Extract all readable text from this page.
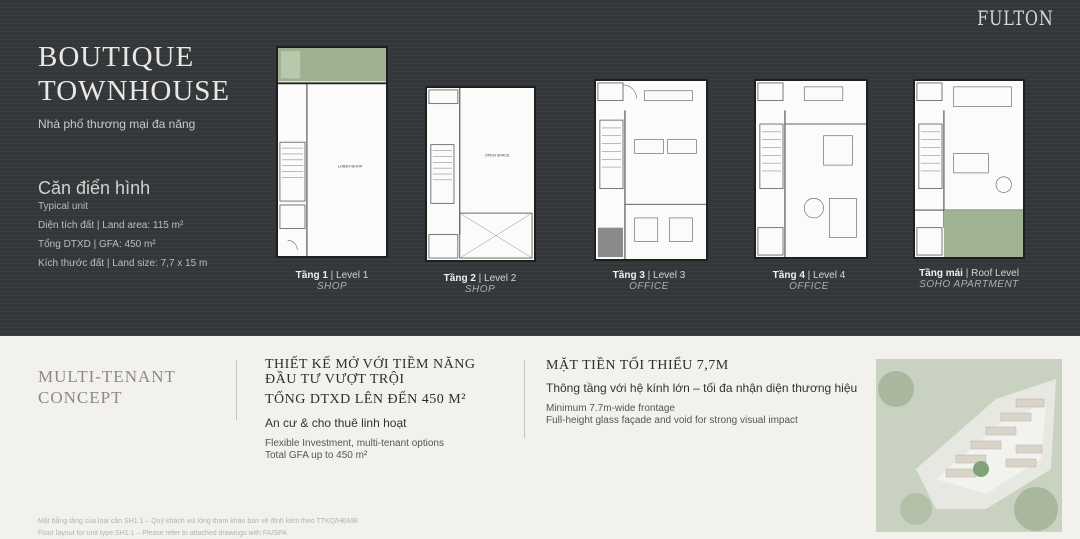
FULTON
BOUTIQUE
TOWNHOUSE
Nhà phố thương mại đa năng
Căn điển hình
Typical unit
Diện tích đất | Land area: 115 m²
Tổng DTXD | GFA: 450 m²
Kích thước đất | Land size: 7,7 x 15 m
LOBBY/SHOP
Tầng 1 | Level 1
SHOP
OPEN SPACE
Tầng 2 | Level 2
SHOP
Tầng 3 | Level 3
OFFICE
Tầng 4 | Level 4
OFFICE
Tầng mái | Roof Level
SOHO APARTMENT
MULTI-TENANT
CONCEPT
THIẾT KẾ MỞ VỚI TIỀM NĂNG
ĐẦU TƯ VƯỢT TRỘI
TỔNG DTXD LÊN ĐẾN 450 M²
An cư & cho thuê linh hoạt
Flexible Investment, multi-tenant options
Total GFA up to 450 m²
MẶT TIỀN TỐI THIỂU 7,7M
Thông tầng với hệ kính lớn – tối đa nhận diện thương hiệu
Minimum 7.7m-wide frontage
Full-height glass façade and void for strong visual impact
Mặt bằng tầng của loại căn SH1.1 – Quý khách vui lòng tham khảo bản vẽ đính kèm theo TTKQ/HĐMB
Floor layout for unit type SH1.1 – Please refer to attached drawings with FA/SPA
